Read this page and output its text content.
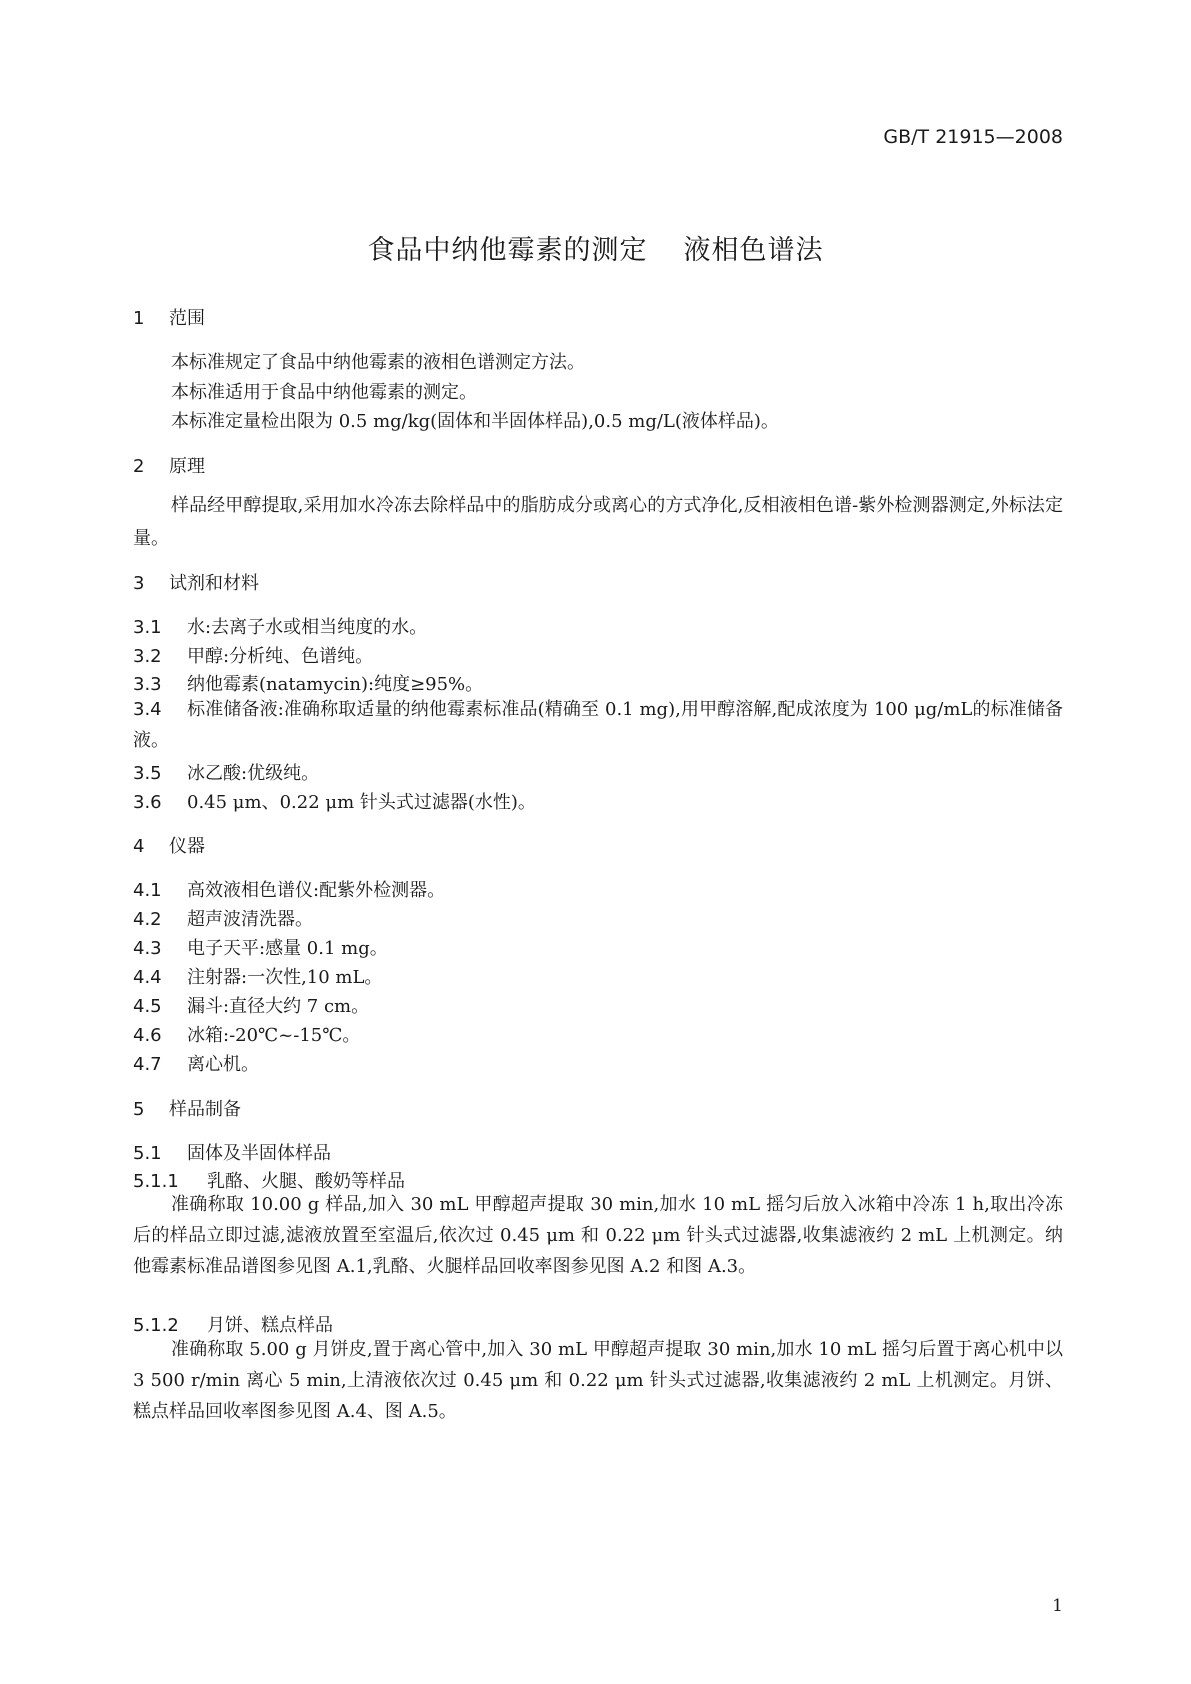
GB/T 21915—2008
食品中纳他霉素的测定 液相色谱法
1 范围
本标准规定了食品中纳他霉素的液相色谱测定方法。
本标准适用于食品中纳他霉素的测定。
本标准定量检出限为 0.5 mg/kg(固体和半固体样品),0.5 mg/L(液体样品)。
2 原理
样品经甲醇提取,采用加水冷冻去除样品中的脂肪成分或离心的方式净化,反相液相色谱-紫外检测器测定,外标法定量。
3 试剂和材料
3.1 水:去离子水或相当纯度的水。
3.2 甲醇:分析纯、色谱纯。
3.3 纳他霉素(natamycin):纯度≥95%。
3.4 标准储备液:准确称取适量的纳他霉素标准品(精确至 0.1 mg),用甲醇溶解,配成浓度为 100 μg/mL的标准储备液。
3.5 冰乙酸:优级纯。
3.6 0.45 μm、0.22 μm 针头式过滤器(水性)。
4 仪器
4.1 高效液相色谱仪:配紫外检测器。
4.2 超声波清洗器。
4.3 电子天平:感量 0.1 mg。
4.4 注射器:一次性,10 mL。
4.5 漏斗:直径大约 7 cm。
4.6 冰箱:-20℃~-15℃。
4.7 离心机。
5 样品制备
5.1 固体及半固体样品
5.1.1 乳酪、火腿、酸奶等样品
准确称取 10.00 g 样品,加入 30 mL 甲醇超声提取 30 min,加水 10 mL 摇匀后放入冰箱中冷冻 1 h,取出冷冻后的样品立即过滤,滤液放置至室温后,依次过 0.45 μm 和 0.22 μm 针头式过滤器,收集滤液约 2 mL 上机测定。纳他霉素标准品谱图参见图 A.1,乳酪、火腿样品回收率图参见图 A.2 和图 A.3。
5.1.2 月饼、糕点样品
准确称取 5.00 g 月饼皮,置于离心管中,加入 30 mL 甲醇超声提取 30 min,加水 10 mL 摇匀后置于离心机中以 3 500 r/min 离心 5 min,上清液依次过 0.45 μm 和 0.22 μm 针头式过滤器,收集滤液约 2 mL 上机测定。月饼、糕点样品回收率图参见图 A.4、图 A.5。
1
